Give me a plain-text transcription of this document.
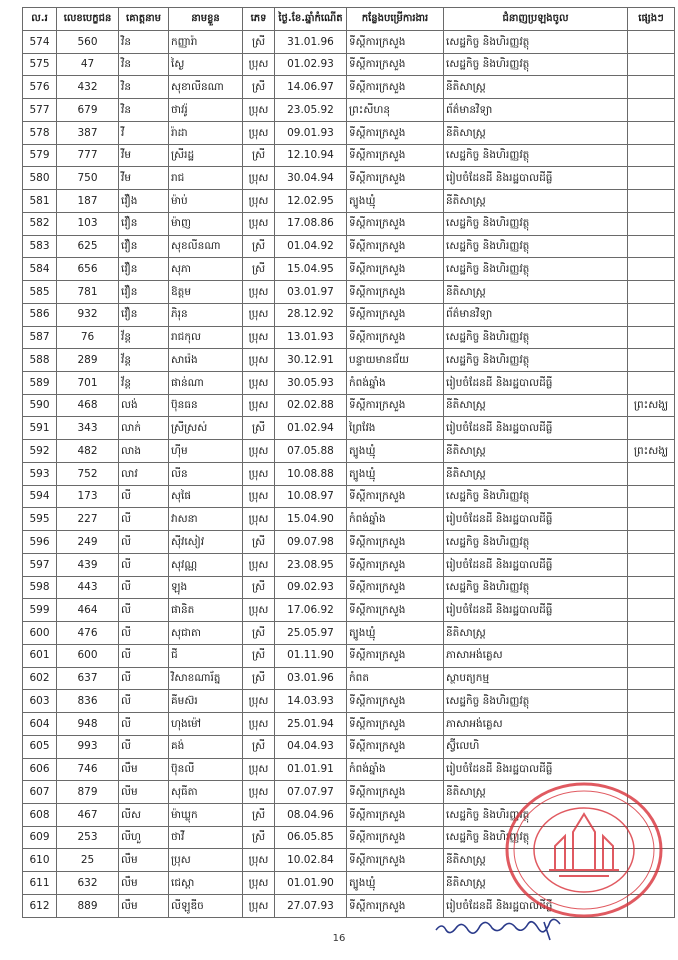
ល.រ	លេខបេក្ខជន	គោត្តនាម	នាមខ្លួន	ភេទ	ថ្ងៃ.ខែ.ឆ្នាំកំណើត	កន្លែងបម្រើការងារ	ជំនាញប្រឡងចូល	ផ្សេងៗ
574	560	វិន	កញ្ញារ៉ា	ស្រី	31.01.96	ទីស្តីការក្រសួង	សេដ្ឋកិច្ច និងហិរញ្ញវត្ថុ	
575	47	វិន	ស្ងៃ	ប្រុស	01.02.93	ទីស្តីការក្រសួង	សេដ្ឋកិច្ច និងហិរញ្ញវត្ថុ	
576	432	វិន	សុខាលីនណា	ស្រី	14.06.97	ទីស្តីការក្រសួង	នីតិសាស្ត្រ	
577	679	វិន	ថាវរ៉ូ	ប្រុស	23.05.92	ព្រះសីហនុ	ព័ត៌មានវិទ្យា	
578	387	វី	រ៉ាដា	ប្រុស	09.01.93	ទីស្តីការក្រសួង	នីតិសាស្ត្រ	
579	777	វីម	ស្រីរដ្ឋ	ស្រី	12.10.94	ទីស្តីការក្រសួង	សេដ្ឋកិច្ច និងហិរញ្ញវត្ថុ	
580	750	វីម	រាជ	ប្រុស	30.04.94	ទីស្តីការក្រសួង	រៀបចំដែនដី និងរដ្ឋបាលដីធ្លី	
581	187	វឿង	ម៉ាប់	ប្រុស	12.02.95	ត្បូងឃ្មុំ	នីតិសាស្ត្រ	
582	103	វឿន	ម៉ាញ	ប្រុស	17.08.86	ទីស្តីការក្រសួង	សេដ្ឋកិច្ច និងហិរញ្ញវត្ថុ	
583	625	វឿន	សុខលីនណា	ស្រី	01.04.92	ទីស្តីការក្រសួង	សេដ្ឋកិច្ច និងហិរញ្ញវត្ថុ	
584	656	វឿន	សុភា	ស្រី	15.04.95	ទីស្តីការក្រសួង	សេដ្ឋកិច្ច និងហិរញ្ញវត្ថុ	
585	781	វឿន	ឱត្តម	ប្រុស	03.01.97	ទីស្តីការក្រសួង	នីតិសាស្ត្រ	
586	932	វឿន	ភិរុន	ប្រុស	28.12.92	ទីស្តីការក្រសួង	ព័ត៌មានវិទ្យា	
587	76	វ័ន្ត	រាជកុល	ប្រុស	13.01.93	ទីស្តីការក្រសួង	សេដ្ឋកិច្ច និងហិរញ្ញវត្ថុ	
588	289	វ័ន្ត	សារ៉េង	ប្រុស	30.12.91	បន្ទាយមានជ័យ	សេដ្ឋកិច្ច និងហិរញ្ញវត្ថុ	
589	701	វ័ន្ត	ផាន់ណា	ប្រុស	30.05.93	កំពង់ឆ្នាំង	រៀបចំដែនដី និងរដ្ឋបាលដីធ្លី	
590	468	លង់	ប៊ុនធន	ប្រុស	02.02.88	ទីស្តីការក្រសួង	នីតិសាស្ត្រ	ព្រះសង្ឃ
591	343	លាក់	ស្រីស្រស់	ស្រី	01.02.94	ព្រៃវែង	រៀបចំដែនដី និងរដ្ឋបាលដីធ្លី	
592	482	លាង	ហ៊ីម	ប្រុស	07.05.88	ត្បូងឃ្មុំ	នីតិសាស្ត្រ	ព្រះសង្ឃ
593	752	លាវ	លីន	ប្រុស	10.08.88	ត្បូងឃ្មុំ	នីតិសាស្ត្រ	
594	173	លី	សុផៃ	ប្រុស	10.08.97	ទីស្តីការក្រសួង	សេដ្ឋកិច្ច និងហិរញ្ញវត្ថុ	
595	227	លី	វាសនា	ប្រុស	15.04.90	កំពង់ឆ្នាំង	រៀបចំដែនដី និងរដ្ឋបាលដីធ្លី	
596	249	លី	ស៊ីវសៀវ	ស្រី	09.07.98	ទីស្តីការក្រសួង	សេដ្ឋកិច្ច និងហិរញ្ញវត្ថុ	
597	439	លី	សុវណ្ណ	ប្រុស	23.08.95	ទីស្តីការក្រសួង	រៀបចំដែនដី និងរដ្ឋបាលដីធ្លី	
598	443	លី	ឡុង	ស្រី	09.02.93	ទីស្តីការក្រសួង	សេដ្ឋកិច្ច និងហិរញ្ញវត្ថុ	
599	464	លី	ផានិត	ប្រុស	17.06.92	ទីស្តីការក្រសួង	រៀបចំដែនដី និងរដ្ឋបាលដីធ្លី	
600	476	លី	សុជាតា	ស្រី	25.05.97	ត្បូងឃ្មុំ	នីតិសាស្ត្រ	
601	600	លី	ជី	ស្រី	01.11.90	ទីស្តីការក្រសួង	ភាសាអង់គ្លេស	
602	637	លី	វិសាខណារ័ត្ន	ស្រី	03.01.96	កំពត	ស្ថាបត្យកម្ម	
603	836	លី	គីមស៊រ	ប្រុស	14.03.93	ទីស្តីការក្រសួង	សេដ្ឋកិច្ច និងហិរញ្ញវត្ថុ	
604	948	លី	ហុងម៉ៅ	ប្រុស	25.01.94	ទីស្តីការក្រសួង	ភាសាអង់គ្លេស	
605	993	លី	គង់	ស្រី	04.04.93	ទីស្តីការក្រសួង	ស្វ៊ីលេហិ	
606	746	លឹម	ប៊ុនលី	ប្រុស	01.01.91	កំពង់ឆ្នាំង	រៀបចំដែនដី និងរដ្ឋបាលដីធ្លី	
607	879	លីម	សុធីតា	ប្រុស	07.07.97	ទីស្តីការក្រសួង	នីតិសាស្ត្រ	
608	467	លីស	ម៉ាឃ្លុក	ស្រី	08.04.96	ទីស្តីការក្រសួង	សេដ្ឋកិច្ច និងហិរញ្ញវត្ថុ	
609	253	លីហួ	ថាវី	ស្រី	06.05.85	ទីស្តីការក្រសួង	សេដ្ឋកិច្ច និងហិរញ្ញវត្ថុ	
610	25	លឹម	ប្រុស	ប្រុស	10.02.84	ទីស្តីការក្រសួង	នីតិសាស្ត្រ	
611	632	លឹម	ជេស្តា	ប្រុស	01.01.90	ត្បូងឃ្មុំ	នីតិសាស្ត្រ	
612	889	លឹម	លីឡូឌីច	ប្រុស	27.07.93	ទីស្តីការក្រសួង	រៀបចំដែនដី និងរដ្ឋបាលដីធ្លី	
16
